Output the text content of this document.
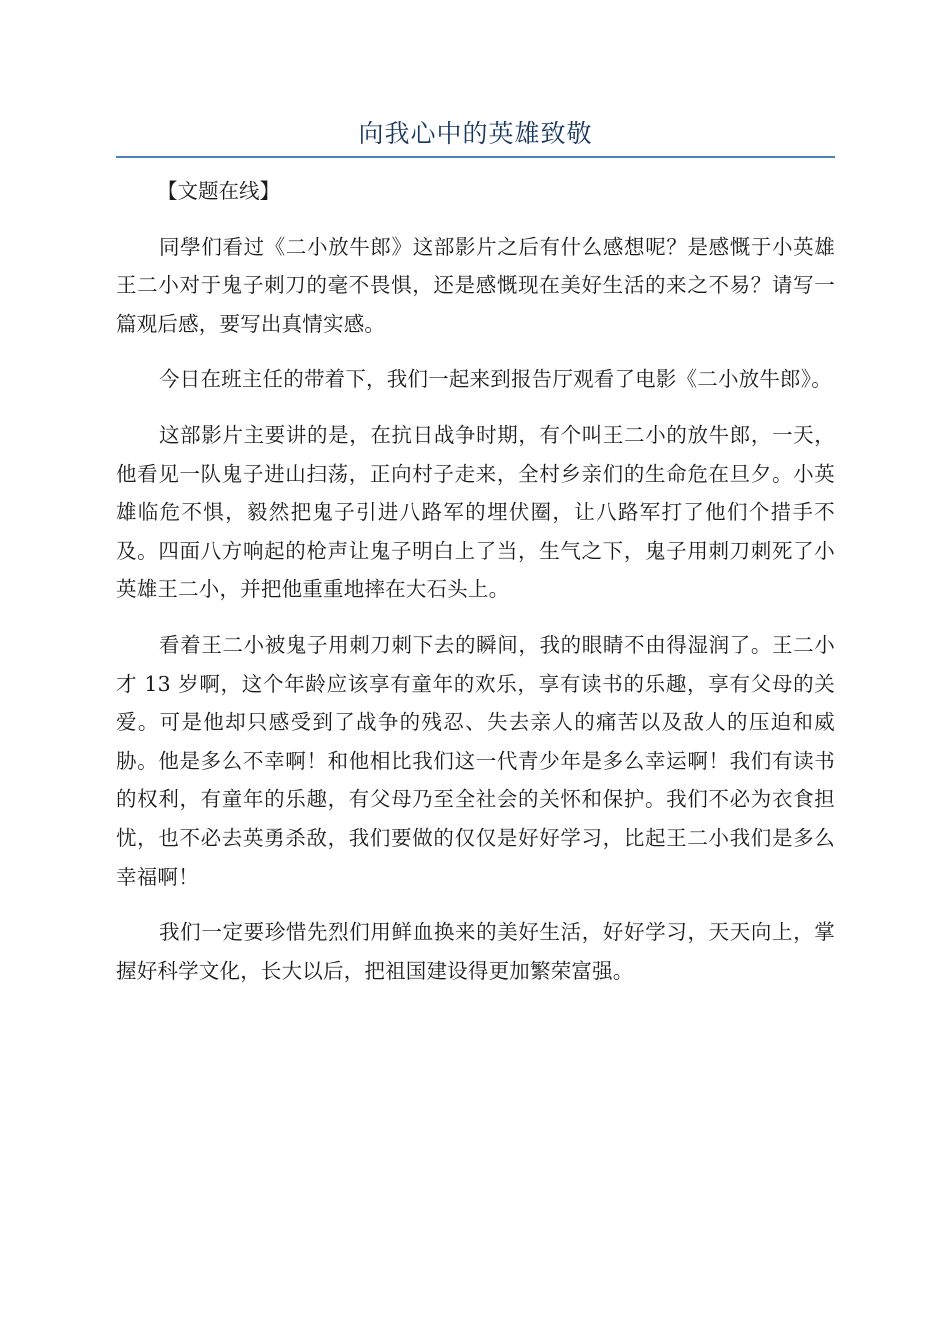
向我心中的英雄致敬

【文题在线】

同學们看过《二小放牛郎》这部影片之后有什么感想呢？是感慨于小英雄王二小对于鬼子刺刀的毫不畏惧，还是感慨现在美好生活的来之不易？请写一篇观后感，要写出真情实感。

今日在班主任的带着下，我们一起来到报告厅观看了电影《二小放牛郎》。

这部影片主要讲的是，在抗日战争时期，有个叫王二小的放牛郎，一天，他看见一队鬼子进山扫荡，正向村子走来，全村乡亲们的生命危在旦夕。小英雄临危不惧，毅然把鬼子引进八路军的埋伏圈，让八路军打了他们个措手不及。四面八方响起的枪声让鬼子明白上了当，生气之下，鬼子用刺刀刺死了小英雄王二小，并把他重重地摔在大石头上。

看着王二小被鬼子用刺刀刺下去的瞬间，我的眼睛不由得湿润了。王二小才 13 岁啊，这个年龄应该享有童年的欢乐，享有读书的乐趣，享有父母的关爱。可是他却只感受到了战争的残忍、失去亲人的痛苦以及敌人的压迫和威胁。他是多么不幸啊！和他相比我们这一代青少年是多么幸运啊！我们有读书的权利，有童年的乐趣，有父母乃至全社会的关怀和保护。我们不必为衣食担忧，也不必去英勇杀敌，我们要做的仅仅是好好学习，比起王二小我们是多么幸福啊！

我们一定要珍惜先烈们用鲜血换来的美好生活，好好学习，天天向上，掌握好科学文化，长大以后，把祖国建设得更加繁荣富强。
